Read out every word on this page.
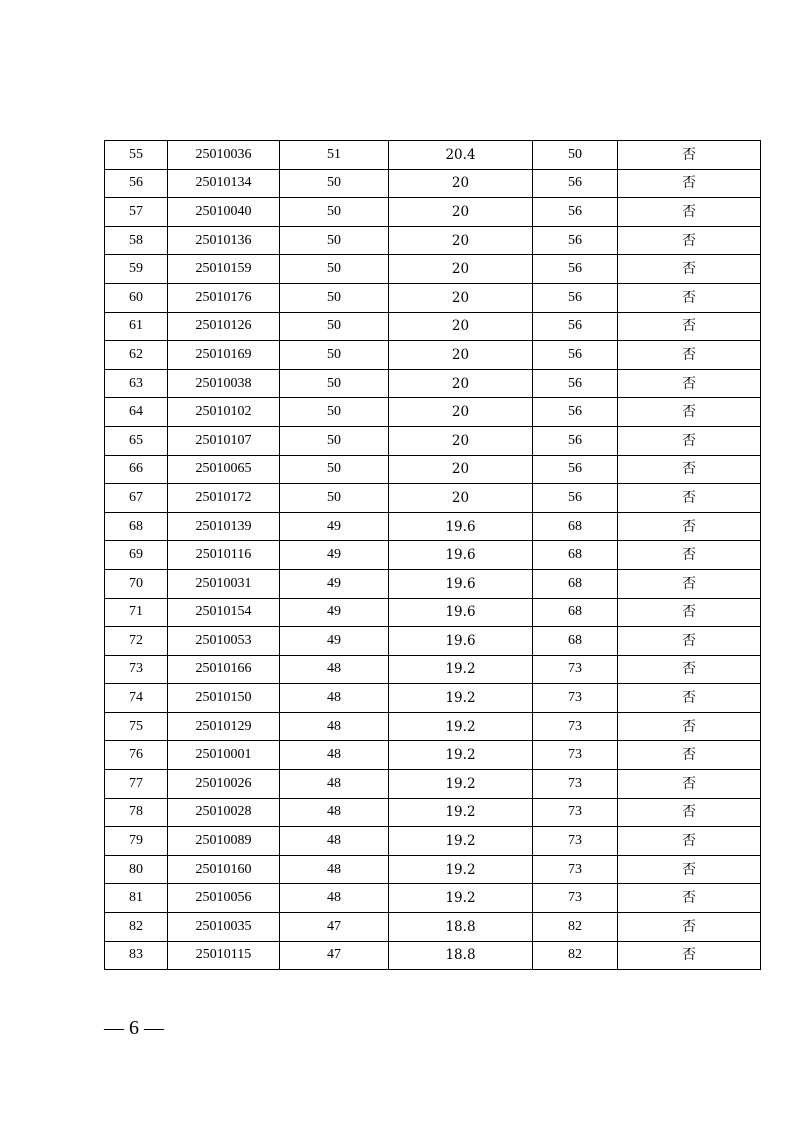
55	25010036	51	20.4	50	否
56	25010134	50	20	56	否
57	25010040	50	20	56	否
58	25010136	50	20	56	否
59	25010159	50	20	56	否
60	25010176	50	20	56	否
61	25010126	50	20	56	否
62	25010169	50	20	56	否
63	25010038	50	20	56	否
64	25010102	50	20	56	否
65	25010107	50	20	56	否
66	25010065	50	20	56	否
67	25010172	50	20	56	否
68	25010139	49	19.6	68	否
69	25010116	49	19.6	68	否
70	25010031	49	19.6	68	否
71	25010154	49	19.6	68	否
72	25010053	49	19.6	68	否
73	25010166	48	19.2	73	否
74	25010150	48	19.2	73	否
75	25010129	48	19.2	73	否
76	25010001	48	19.2	73	否
77	25010026	48	19.2	73	否
78	25010028	48	19.2	73	否
79	25010089	48	19.2	73	否
80	25010160	48	19.2	73	否
81	25010056	48	19.2	73	否
82	25010035	47	18.8	82	否
83	25010115	47	18.8	82	否
— 6 —
